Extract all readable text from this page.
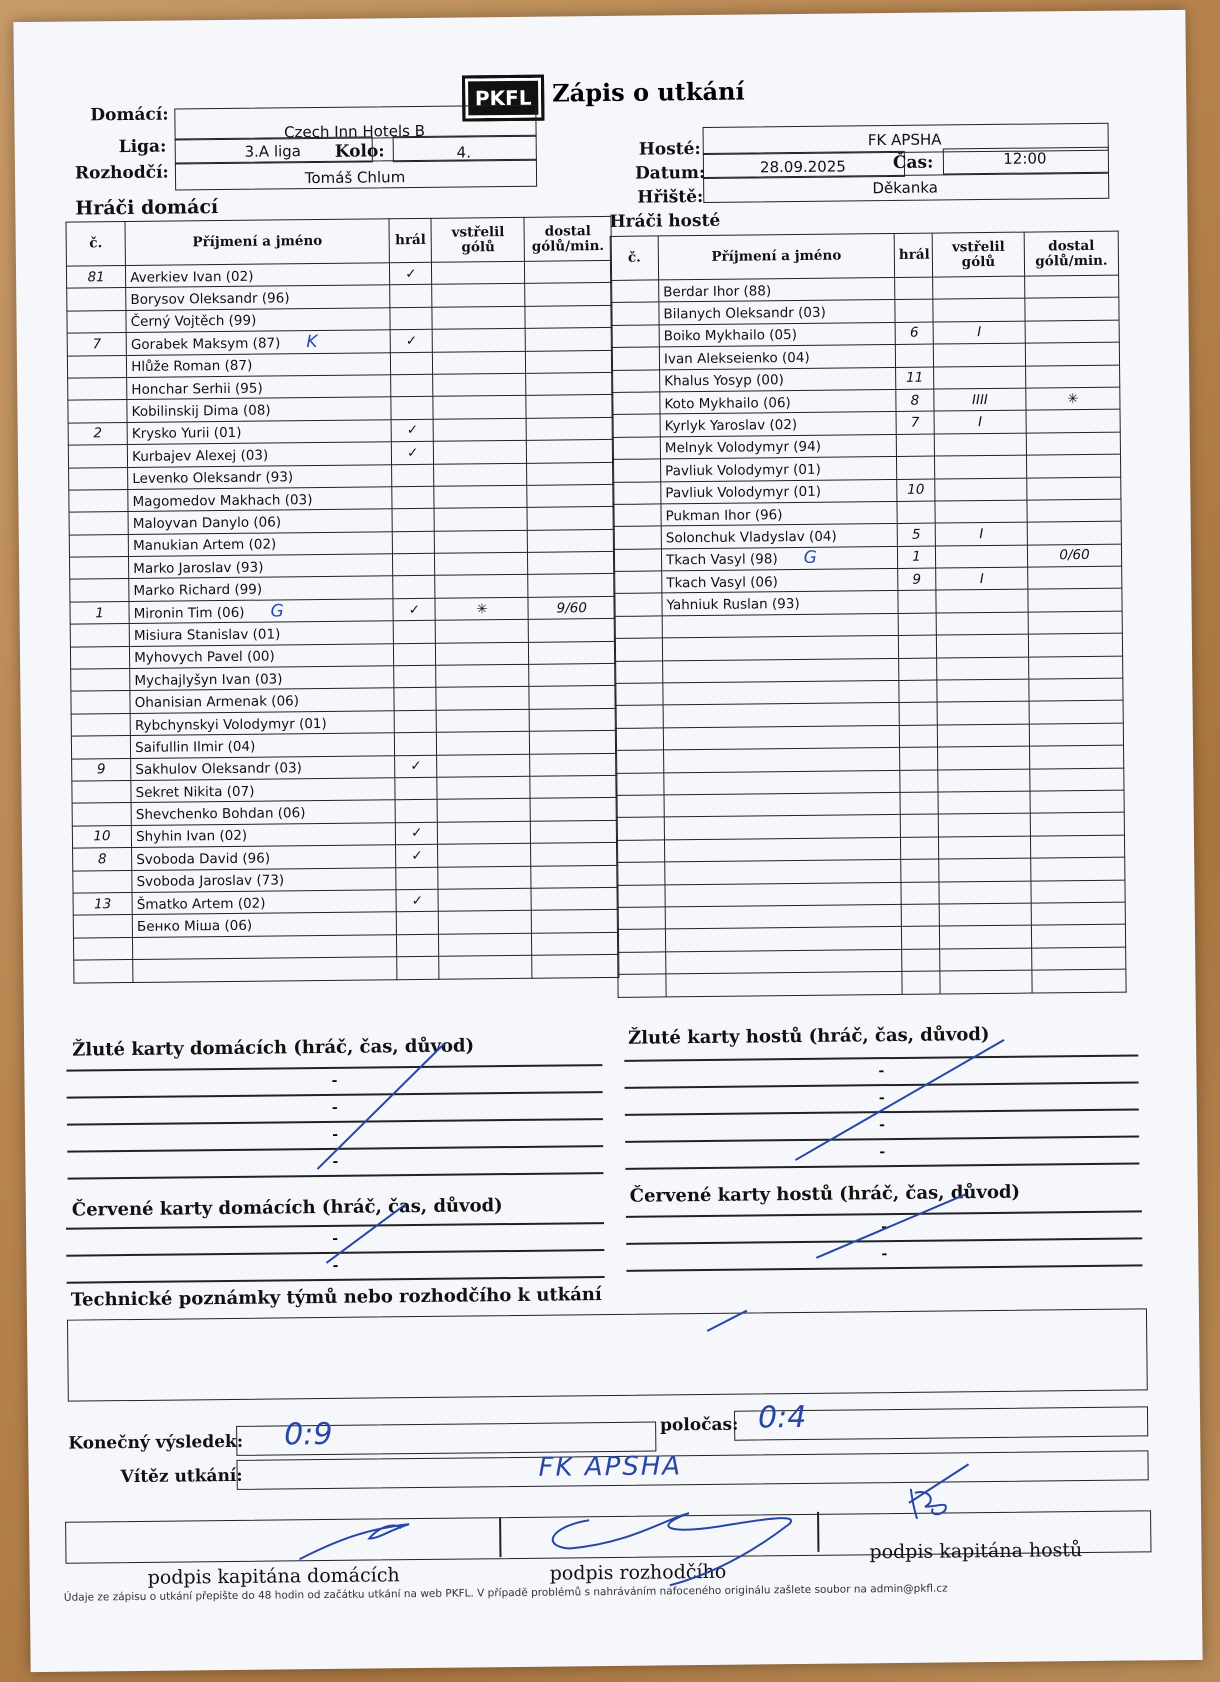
PKFL Zápis o utkání
Domácí:
Czech Inn Hotels B
Liga:	3.A liga	Kolo:	4.
Rozhodčí:	Tomáš Chlum
Hosté:	FK APSHA
Datum:	28.09.2025	Čas:	12:00
Hřiště:	Děkanka
Hráči domácí
Hráči hosté
č.	Příjmení a jméno	hrál	vstřelil gólů	dostal gólů/min.
81	Averkiev Ivan (02)	✓		
	Borysov Oleksandr (96)			
	Černý Vojtěch (99)			
7	Gorabek Maksym (87) K	✓		
	Hlůže Roman (87)			
	Honchar Serhii (95)			
	Kobilinskij Dima (08)			
2	Krysko Yurii (01)	✓		
	Kurbajev Alexej (03)	✓		
	Levenko Oleksandr (93)			
	Magomedov Makhach (03)			
	Maloyvan Danylo (06)			
	Manukian Artem (02)			
	Marko Jaroslav (93)			
	Marko Richard (99)			
1	Mironin Tim (06) G	✓	✳	9/60
	Misiura Stanislav (01)			
	Myhovych Pavel (00)			
	Mychajlyšyn Ivan (03)			
	Ohanisian Armenak (06)			
	Rybchynskyi Volodymyr (01)			
	Saifullin Ilmir (04)			
9	Sakhulov Oleksandr (03)	✓		
	Sekret Nikita (07)			
	Shevchenko Bohdan (06)			
10	Shyhin Ivan (02)	✓		
8	Svoboda David (96)	✓		
	Svoboda Jaroslav (73)			
13	Šmatko Artem (02)	✓		
	Бенко Міша (06)			

č.	Příjmení a jméno	hrál	vstřelil gólů	dostal gólů/min.
	Berdar Ihor (88)			
	Bilanych Oleksandr (03)			
	Boiko Mykhailo (05)	6	I	
	Ivan Alekseienko (04)			
	Khalus Yosyp (00)	11		
	Koto Mykhailo (06)	8	IIII	✳
	Kyrlyk Yaroslav (02)	7	I	
	Melnyk Volodymyr (94)			
	Pavliuk Volodymyr (01)			
	Pavliuk Volodymyr (01)	10		
	Pukman Ihor (96)			
	Solonchuk Vladyslav (04)	5	I	
	Tkach Vasyl (98) G	1		0/60
	Tkach Vasyl (06)	9	I	
	Yahniuk Ruslan (93)			

Žluté karty domácích (hráč, čas, důvod)
-
-
-
-
Žluté karty hostů (hráč, čas, důvod)
-
-
-
-
Červené karty domácích (hráč, čas, důvod)
-
-
Červené karty hostů (hráč, čas, důvod)
-
-
Technické poznámky týmů nebo rozhodčího k utkání
Konečný výsledek: 0:9	poločas: 0:4
Vítěz utkání:	FK APSHA
podpis kapitána domácích	podpis rozhodčího
podpis kapitána hostů
Údaje ze zápisu o utkání přepište do 48 hodin od začátku utkání na web PKFL. V případě problémů s nahráváním nafoceného originálu zašlete soubor na admin@pkfl.cz
